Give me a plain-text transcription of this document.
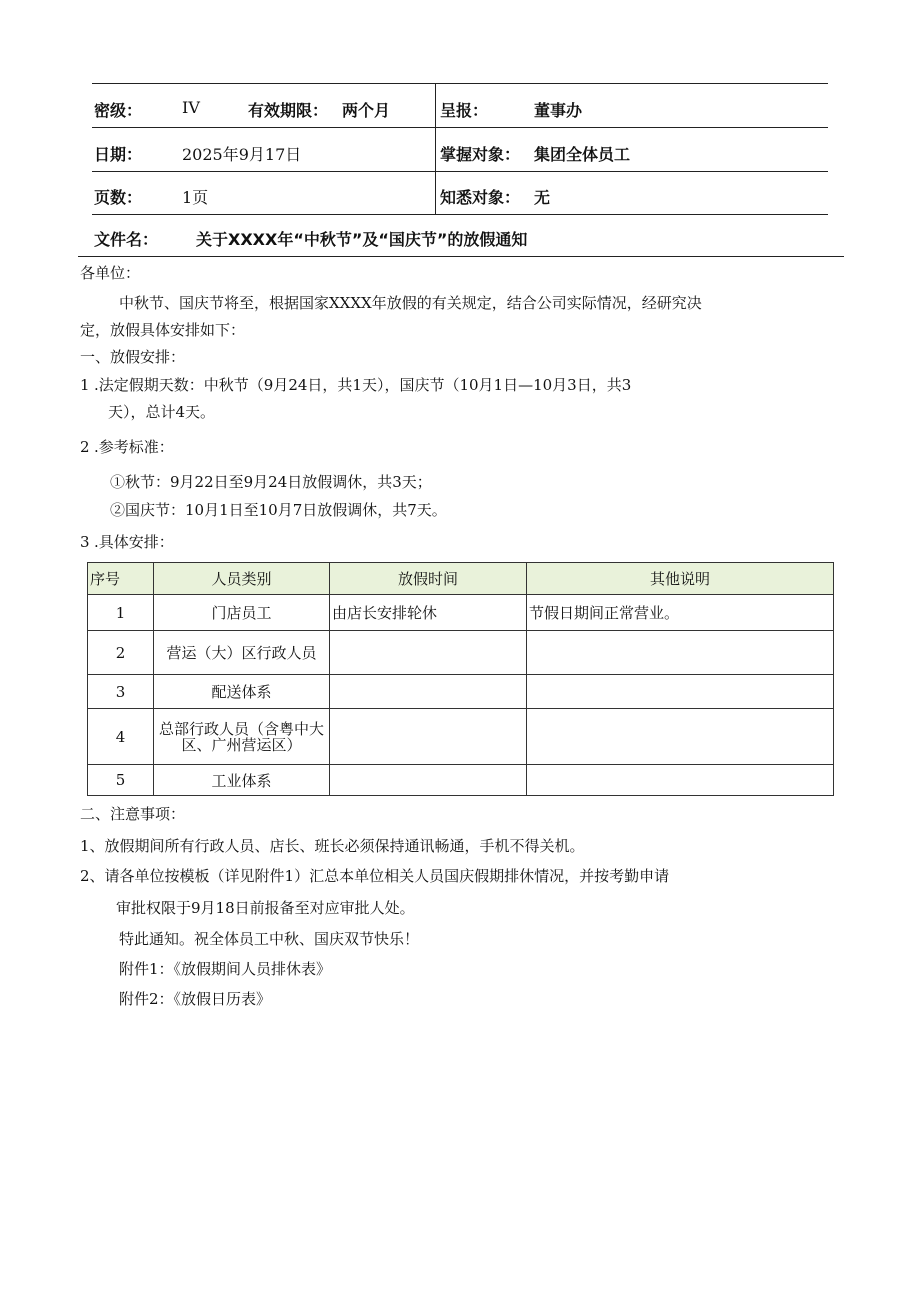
密级： IV	有效期限： 两个月	呈报：	董事办
日期： 2025年9月17日	掌握对象： 集团全体员工
页数： 1页	知悉对象： 无
文件名： 关于XXXX年“中秋节”及“国庆节”的放假通知
各单位：
中秋节、国庆节将至，根据国家XXXX年放假的有关规定，结合公司实际情况，经研究决
定，放假具体安排如下：
一、放假安排：
1 .法定假期天数：中秋节（9月24日，共1天），国庆节（10月1日—10月3日，共3
天），总计4天。
2 .参考标准：
①秋节：9月22日至9月24日放假调休，共3天；
②国庆节：10月1日至10月7日放假调休，共7天。
3 .具体安排：
序号	人员类别	放假时间	其他说明
1	门店员工	由店长安排轮休	节假日期间正常营业。
2	营运（大）区行政人员		

3	配送体系		
4	总部行政人员（含粤中大区、广州营运区）		

5	工业体系		
二、注意事项：
1、放假期间所有行政人员、店长、班长必须保持通讯畅通，手机不得关机。
2、请各单位按模板（详见附件1）汇总本单位相关人员国庆假期排休情况，并按考勤申请
审批权限于9月18日前报备至对应审批人处。
特此通知。祝全体员工中秋、国庆双节快乐！
附件1：《放假期间人员排休表》
附件2：《放假日历表》
